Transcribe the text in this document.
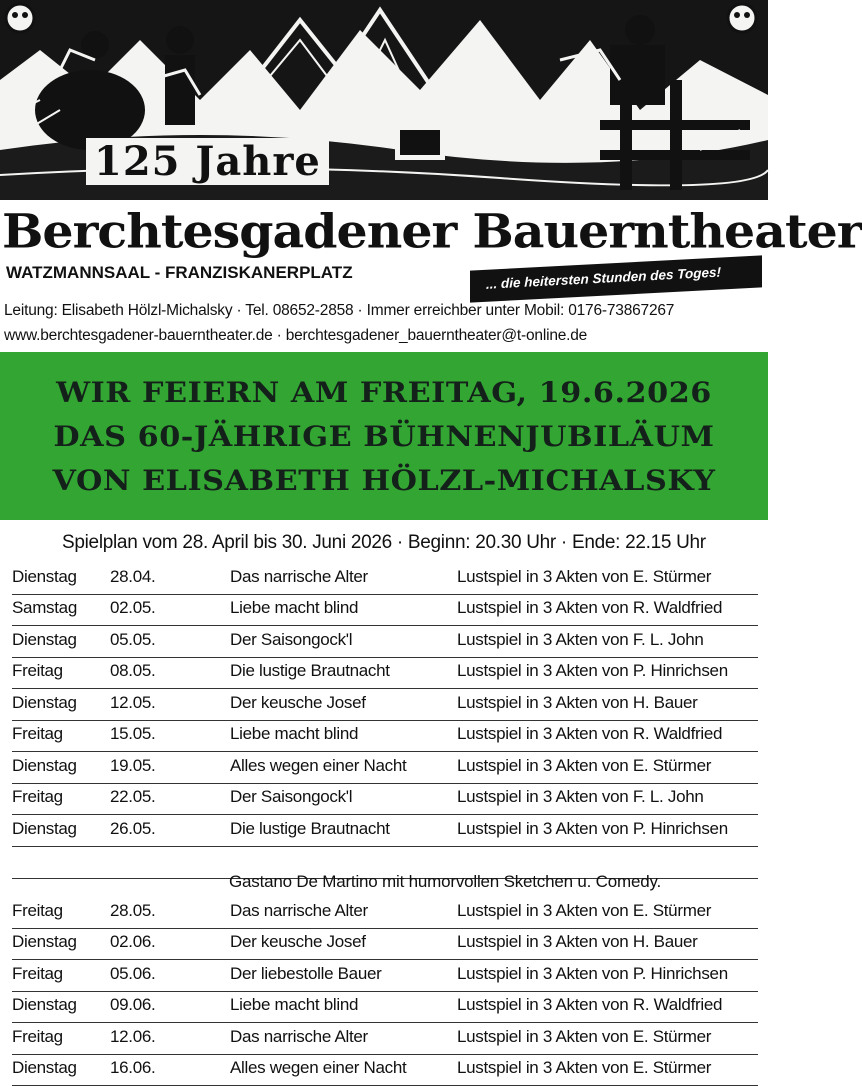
125 Jahre
Berchtesgadener Bauerntheater
WATZMANNSAAL - FRANZISKANERPLATZ	... die heitersten Stunden des Toges!
Leitung: Elisabeth Hölzl-Michalsky · Tel. 08652-2858 · Immer erreichber unter Mobil: 0176-73867267
www.berchtesgadener-bauerntheater.de · berchtesgadener_bauerntheater@t-online.de
WIR FEIERN AM FREITAG, 19.6.2026
DAS 60-JÄHRIGE BÜHNENJUBILÄUM
VON ELISABETH HÖLZL-MICHALSKY
Spielplan vom 28. April bis 30. Juni 2026 · Beginn: 20.30 Uhr · Ende: 22.15 Uhr
Dienstag 28.04.	Das narrische Alter	Lustspiel in 3 Akten von E. Stürmer
Samstag 02.05.	Liebe macht blind	Lustspiel in 3 Akten von R. Waldfried
Dienstag 05.05.	Der Saisongock'l	Lustspiel in 3 Akten von F. L. John
Freitag	08.05.	Die lustige Brautnacht	Lustspiel in 3 Akten von P. Hinrichsen
Dienstag 12.05.	Der keusche Josef	Lustspiel in 3 Akten von H. Bauer
Freitag	15.05.	Liebe macht blind	Lustspiel in 3 Akten von R. Waldfried
Dienstag 19.05.	Alles wegen einer Nacht	Lustspiel in 3 Akten von E. Stürmer
Freitag	22.05.	Der Saisongock'l	Lustspiel in 3 Akten von F. L. John
Dienstag 26.05.	Die lustige Brautnacht	Lustspiel in 3 Akten von P. Hinrichsen
Freitag	28.05.	Das narrische Alter	Lustspiel in 3 Akten von E. Stürmer
Dienstag 02.06.	Der keusche Josef	Lustspiel in 3 Akten von H. Bauer
Freitag	05.06.	Der liebestolle Bauer	Lustspiel in 3 Akten von P. Hinrichsen
Dienstag 09.06.	Liebe macht blind	Lustspiel in 3 Akten von R. Waldfried
Freitag	12.06.	Das narrische Alter	Lustspiel in 3 Akten von E. Stürmer
Dienstag 16.06.	Alles wegen einer Nacht	Lustspiel in 3 Akten von E. Stürmer
Gastano De Martino mit humorvollen Sketchen u. Comedy.
